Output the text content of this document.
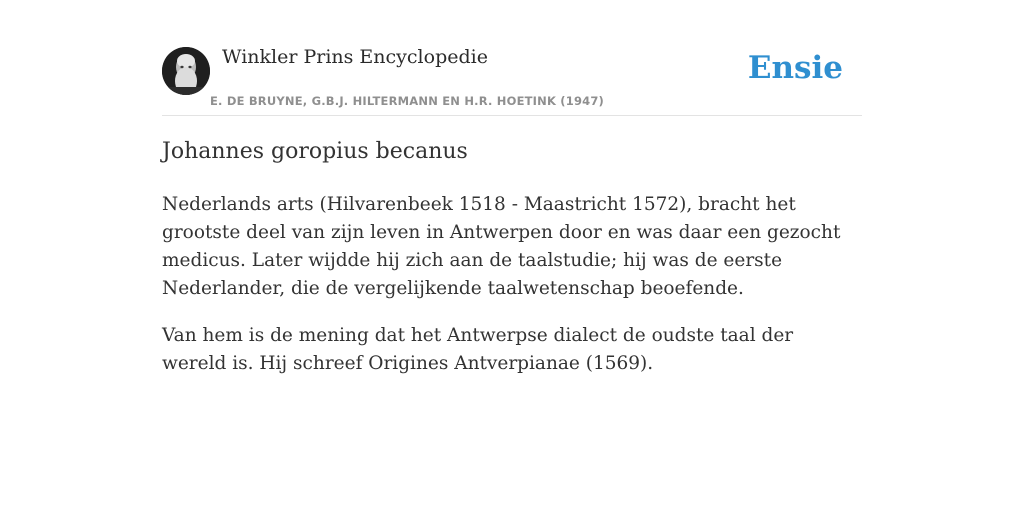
Winkler Prins Encyclopedie
E. DE BRUYNE, G.B.J. HILTERMANN EN H.R. HOETINK (1947)
Ensie
Johannes goropius becanus

Nederlands arts (Hilvarenbeek 1518 - Maastricht 1572), bracht het grootste deel van zijn leven in Antwerpen door en was daar een gezocht medicus. Later wijdde hij zich aan de taalstudie; hij was de eerste Nederlander, die de vergelijkende taalwetenschap beoefende.

Van hem is de mening dat het Antwerpse dialect de oudste taal der wereld is. Hij schreef Origines Antverpianae (1569).
